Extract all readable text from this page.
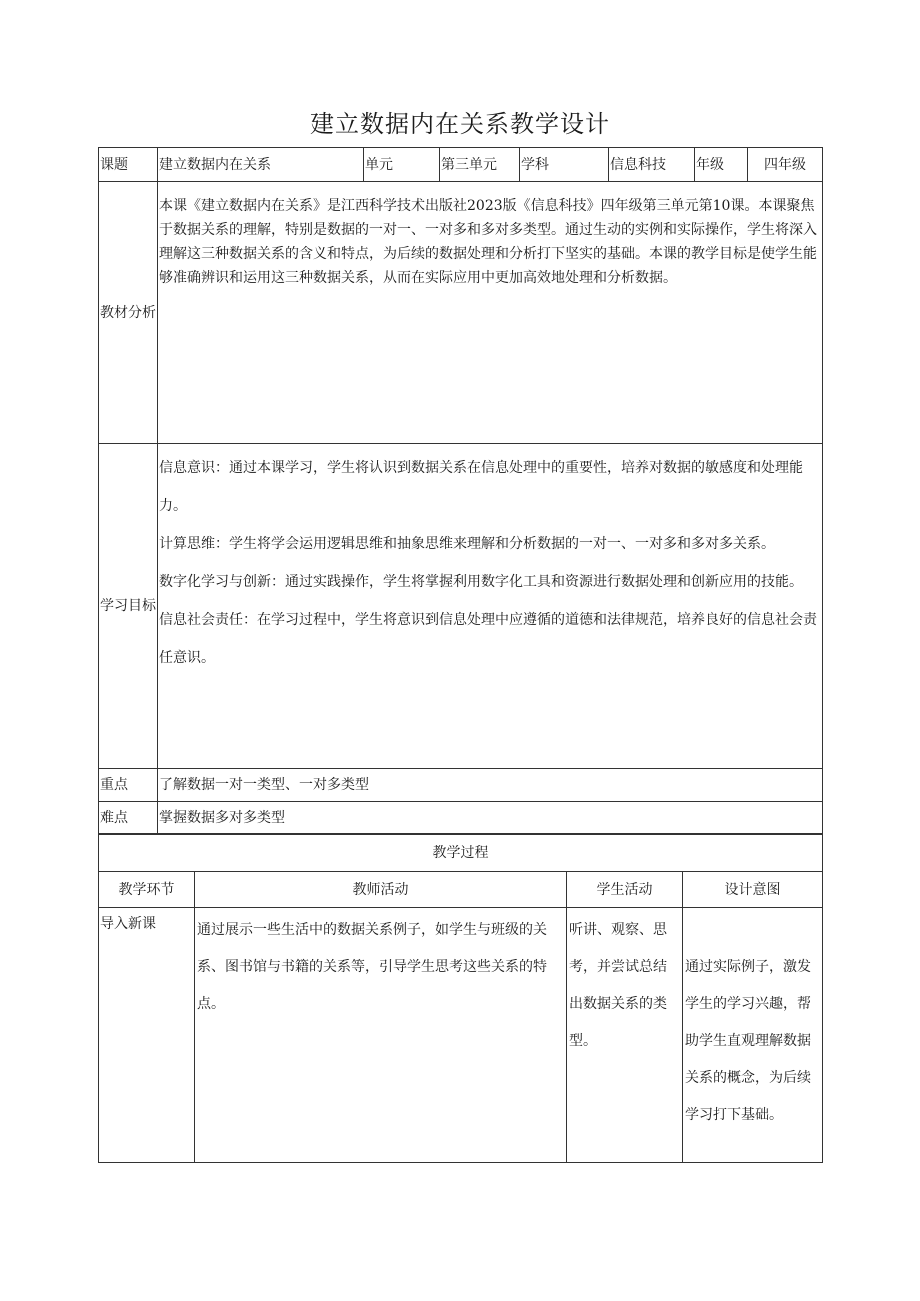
建立数据内在关系教学设计
课题	建立数据内在关系	单元	第三单元	学科	信息科技	年级	四年级
教材分析	本课《建立数据内在关系》是江西科学技术出版社2023版《信息科技》四年级第三单元第10课。本课聚焦于数据关系的理解，特别是数据的一对一、一对多和多对多类型。通过生动的实例和实际操作，学生将深入理解这三种数据关系的含义和特点，为后续的数据处理和分析打下坚实的基础。本课的教学目标是使学生能够准确辨识和运用这三种数据关系，从而在实际应用中更加高效地处理和分析数据。						
学习目标	信息意识：通过本课学习，学生将认识到数据关系在信息处理中的重要性，培养对数据的敏感度和处理能力。

计算思维：学生将学会运用逻辑思维和抽象思维来理解和分析数据的一对一、一对多和多对多关系。

数字化学习与创新：通过实践操作，学生将掌握利用数字化工具和资源进行数据处理和创新应用的技能。

信息社会责任：在学习过程中，学生将意识到信息处理中应遵循的道德和法律规范，培养良好的信息社会责任意识。						

重点	了解数据一对一类型、一对多类型						
难点	掌握数据多对多类型						
教学过程			
教学环节	教师活动	学生活动	设计意图
导入新课	通过展示一些生活中的数据关系例子，如学生与班级的关系、图书馆与书籍的关系等，引导学生思考这些关系的特点。	听讲、观察、思考，并尝试总结出数据关系的类型。	通过实际例子，激发学生的学习兴趣，帮助学生直观理解数据关系的概念，为后续学习打下基础。
